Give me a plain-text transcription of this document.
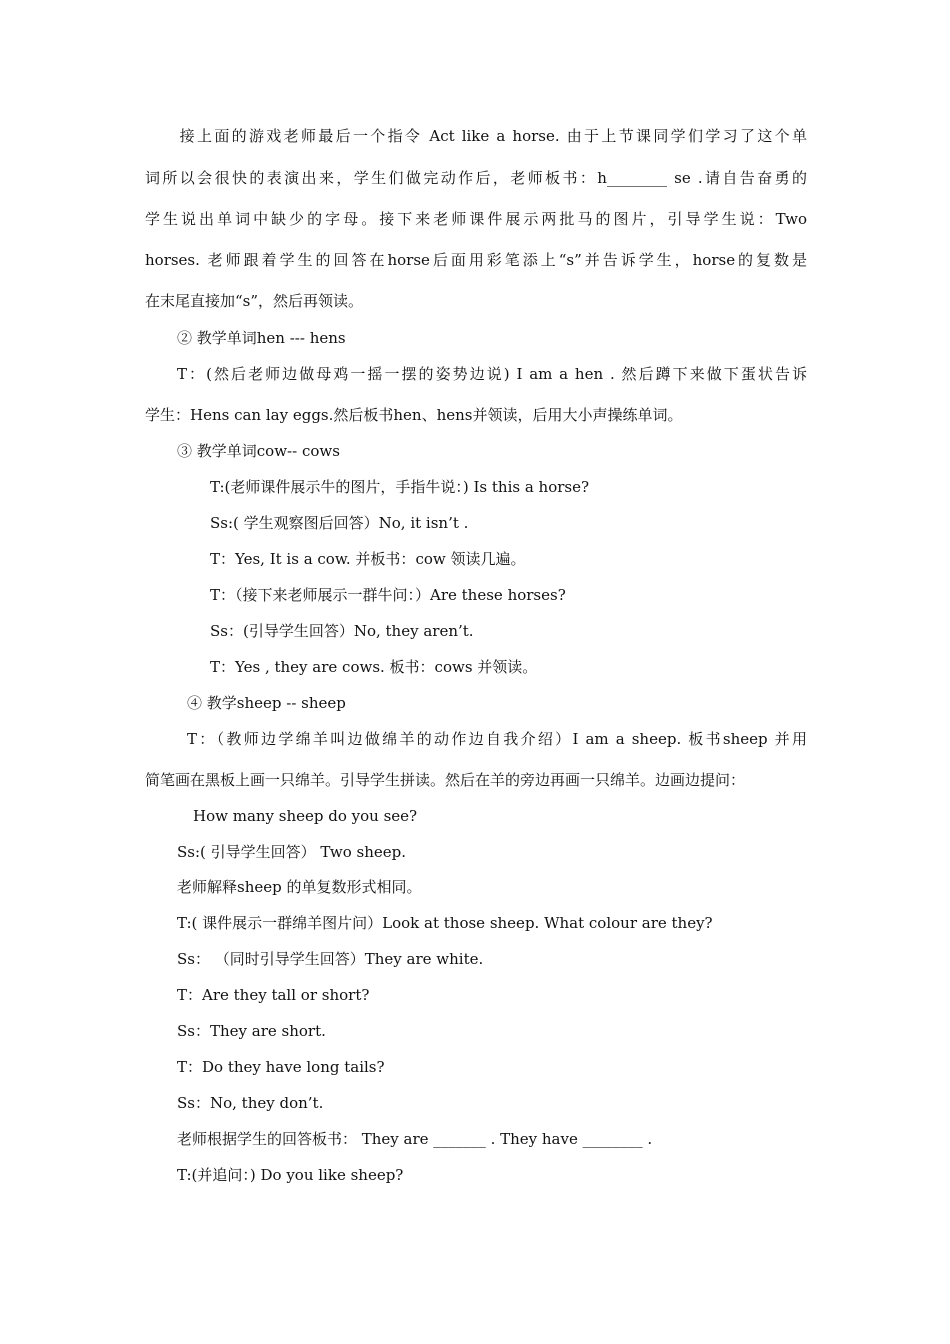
　　接上面的游戏老师最后一个指令 Act like a horse. 由于上节课同学们学习了这个单
词所以会很快的表演出来，学生们做完动作后，老师板书：h________ se .请自告奋勇的
学生说出单词中缺少的字母。接下来老师课件展示两批马的图片，引导学生说：Two
horses. 老师跟着学生的回答在horse后面用彩笔添上“s”并告诉学生，horse的复数是
在末尾直接加“s”，然后再领读。
② 教学单词hen --- hens
T：(然后老师边做母鸡一摇一摆的姿势边说) I am a hen . 然后蹲下来做下蛋状告诉
学生：Hens can lay eggs.然后板书hen、hens并领读，后用大小声操练单词。
③ 教学单词cow-- cows
T:(老师课件展示牛的图片，手指牛说：) Is this a horse?
Ss:( 学生观察图后回答）No, it isn’t .
T：Yes, It is a cow. 并板书：cow 领读几遍。
T：（接下来老师展示一群牛问：）Are these horses?
Ss：(引导学生回答）No, they aren’t.
T：Yes , they are cows. 板书：cows 并领读。
④ 教学sheep -- sheep
T：（教师边学绵羊叫边做绵羊的动作边自我介绍）I am a sheep. 板书sheep 并用
简笔画在黑板上画一只绵羊。引导学生拼读。然后在羊的旁边再画一只绵羊。边画边提问：
How many sheep do you see?
Ss:( 引导学生回答） Two sheep.
老师解释sheep 的单复数形式相同。
T:( 课件展示一群绵羊图片问）Look at those sheep. What colour are they?
Ss： （同时引导学生回答）They are white.
T：Are they tall or short?
Ss：They are short.
T：Do they have long tails?
Ss：No, they don’t.
老师根据学生的回答板书： They are _______ . They have ________ .
T:(并追问：) Do you like sheep?
